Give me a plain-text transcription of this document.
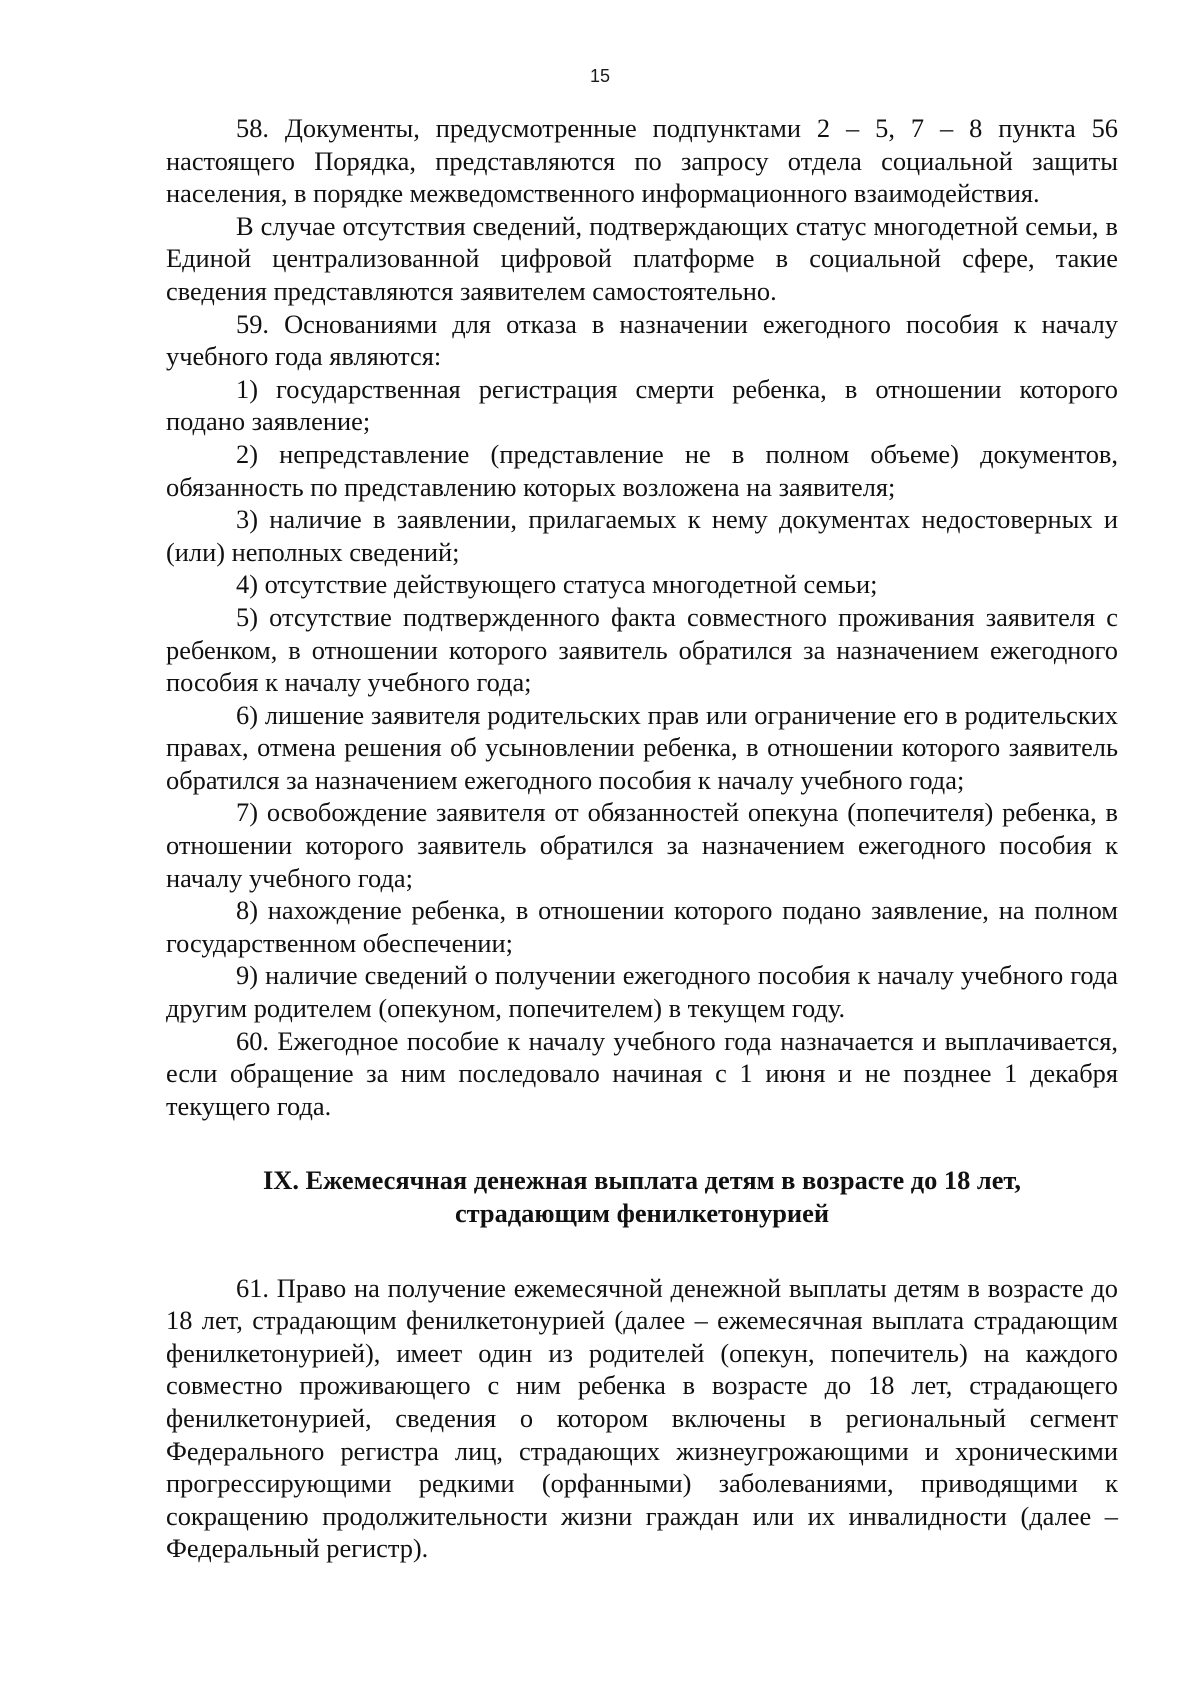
15

58. Документы, предусмотренные подпунктами 2 – 5, 7 – 8 пункта 56 настоящего Порядка, представляются по запросу отдела социальной защиты населения, в порядке межведомственного информационного взаимодействия.

В случае отсутствия сведений, подтверждающих статус многодетной семьи, в Единой централизованной цифровой платформе в социальной сфере, такие сведения представляются заявителем самостоятельно.

59. Основаниями для отказа в назначении ежегодного пособия к началу учебного года являются:

1) государственная регистрация смерти ребенка, в отношении которого подано заявление;

2) непредставление (представление не в полном объеме) документов, обязанность по представлению которых возложена на заявителя;

3) наличие в заявлении, прилагаемых к нему документах недостоверных и (или) неполных сведений;

4) отсутствие действующего статуса многодетной семьи;

5) отсутствие подтвержденного факта совместного проживания заявителя с ребенком, в отношении которого заявитель обратился за назначением ежегодного пособия к началу учебного года;

6) лишение заявителя родительских прав или ограничение его в родительских правах, отмена решения об усыновлении ребенка, в отношении которого заявитель обратился за назначением ежегодного пособия к началу учебного года;

7) освобождение заявителя от обязанностей опекуна (попечителя) ребенка, в отношении которого заявитель обратился за назначением ежегодного пособия к началу учебного года;

8) нахождение ребенка, в отношении которого подано заявление, на полном государственном обеспечении;

9) наличие сведений о получении ежегодного пособия к началу учебного года другим родителем (опекуном, попечителем) в текущем году.

60. Ежегодное пособие к началу учебного года назначается и выплачивается, если обращение за ним последовало начиная с 1 июня и не позднее 1 декабря текущего года.

IX. Ежемесячная денежная выплата детям в возрасте до 18 лет,
страдающим фенилкетонурией

61. Право на получение ежемесячной денежной выплаты детям в возрасте до 18 лет, страдающим фенилкетонурией (далее – ежемесячная выплата страдающим фенилкетонурией), имеет один из родителей (опекун, попечитель) на каждого совместно проживающего с ним ребенка в возрасте до 18 лет, страдающего фенилкетонурией, сведения о котором включены в региональный сегмент Федерального регистра лиц, страдающих жизнеугрожающими и хроническими прогрессирующими редкими (орфанными) заболеваниями, приводящими к сокращению продолжительности жизни граждан или их инвалидности (далее – Федеральный регистр).
